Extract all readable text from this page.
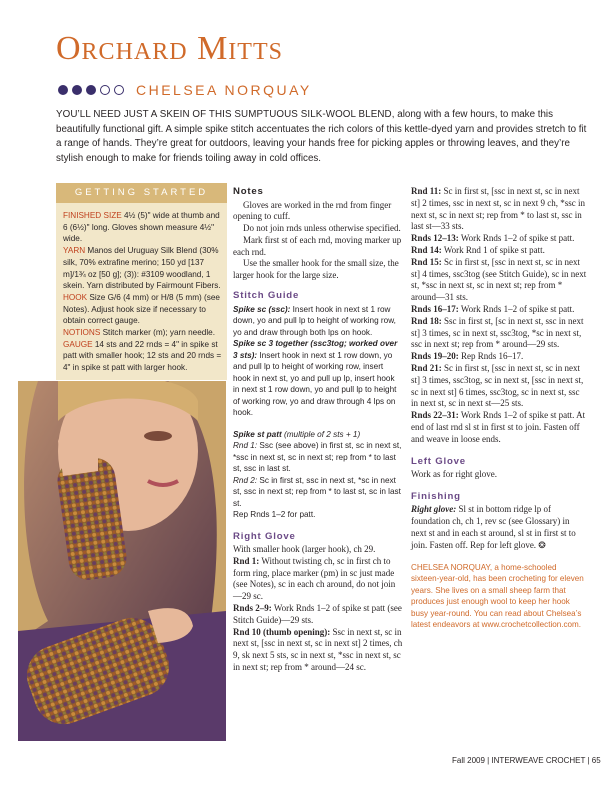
Orchard Mitts
CHELSEA NORQUAY

YOU’LL NEED JUST A SKEIN OF THIS SUMPTUOUS SILK-WOOL BLEND, along with a few hours, to make this beautifully functional gift. A simple spike stitch accentuates the rich colors of this kettle-dyed yarn and provides stretch to fit a range of hands. They’re great for outdoors, leaving your hands free for picking apples or throwing leaves, and they’re stylish enough to make for friends toiling away in cold offices.

GETTING STARTED

FINISHED SIZE 4½ (5)" wide at thumb and 6 (6½)" long. Gloves shown measure 4½" wide.

YARN Manos del Uruguay Silk Blend (30% silk, 70% extrafine merino; 150 yd [137 m]/1¾ oz [50 g]; (3)): #3109 woodland, 1 skein. Yarn distributed by Fairmount Fibers.

HOOK Size G/6 (4 mm) or H/8 (5 mm) (see Notes). Adjust hook size if necessary to obtain correct gauge.

NOTIONS Stitch marker (m); yarn needle.

GAUGE 14 sts and 22 rnds = 4" in spike st patt with smaller hook; 12 sts and 20 rnds = 4" in spike st patt with larger hook.

Notes

Gloves are worked in the rnd from finger opening to cuff.

Do not join rnds unless otherwise specified.

Mark first st of each rnd, moving marker up each rnd.

Use the smaller hook for the small size, the larger hook for the large size.

Stitch Guide

Spike sc (ssc): Insert hook in next st 1 row down, yo and pull lp to height of working row, yo and draw through both lps on hook.

Spike sc 3 together (ssc3tog; worked over 3 sts): Insert hook in next st 1 row down, yo and pull lp to height of working row, insert hook in next st, yo and pull up lp, insert hook in next st 1 row down, yo and pull lp to height of working row, yo and draw through 4 lps on hook.

Spike st patt (multiple of 2 sts + 1)

Rnd 1: Ssc (see above) in first st, sc in next st, *ssc in next st, sc in next st; rep from * to last st, ssc in last st.

Rnd 2: Sc in first st, ssc in next st, *sc in next st, ssc in next st; rep from * to last st, sc in last st.

Rep Rnds 1–2 for patt.

Right Glove

With smaller hook (larger hook), ch 29.

Rnd 1: Without twisting ch, sc in first ch to form ring, place marker (pm) in sc just made (see Notes), sc in each ch around, do not join—29 sc.

Rnds 2–9: Work Rnds 1–2 of spike st patt (see Stitch Guide)—29 sts.

Rnd 10 (thumb opening): Ssc in next st, sc in next st, [ssc in next st, sc in next st] 2 times, ch 9, sk next 5 sts, sc in next st, *ssc in next st, sc in next st; rep from * around—24 sc.

Rnd 11: Sc in first st, [ssc in next st, sc in next st] 2 times, ssc in next st, sc in next 9 ch, *ssc in next st, sc in next st; rep from * to last st, ssc in last st—33 sts.

Rnds 12–13: Work Rnds 1–2 of spike st patt.

Rnd 14: Work Rnd 1 of spike st patt.

Rnd 15: Sc in first st, [ssc in next st, sc in next st] 4 times, ssc3tog (see Stitch Guide), sc in next st, *ssc in next st, sc in next st; rep from * around—31 sts.

Rnds 16–17: Work Rnds 1–2 of spike st patt.

Rnd 18: Ssc in first st, [sc in next st, ssc in next st] 3 times, sc in next st, ssc3tog, *sc in next st, ssc in next st; rep from * around—29 sts.

Rnds 19–20: Rep Rnds 16–17.

Rnd 21: Sc in first st, [ssc in next st, sc in next st] 3 times, ssc3tog, sc in next st, [ssc in next st, sc in next st] 6 times, ssc3tog, sc in next st, ssc in next st, sc in next st—25 sts.

Rnds 22–31: Work Rnds 1–2 of spike st patt. At end of last rnd sl st in first st to join. Fasten off and weave in loose ends.

Left Glove

Work as for right glove.

Finishing

Right glove: Sl st in bottom ridge lp of foundation ch, ch 1, rev sc (see Glossary) in next st and in each st around, sl st in first st to join. Fasten off. Rep for left glove. ❂

CHELSEA NORQUAY, a home-schooled sixteen-year-old, has been crocheting for eleven years. She lives on a small sheep farm that produces just enough wool to keep her hook busy year-round. You can read about Chelsea’s latest endeavors at www.crochetcollection.com.

Fall 2009 | INTERWEAVE CROCHET | 65
